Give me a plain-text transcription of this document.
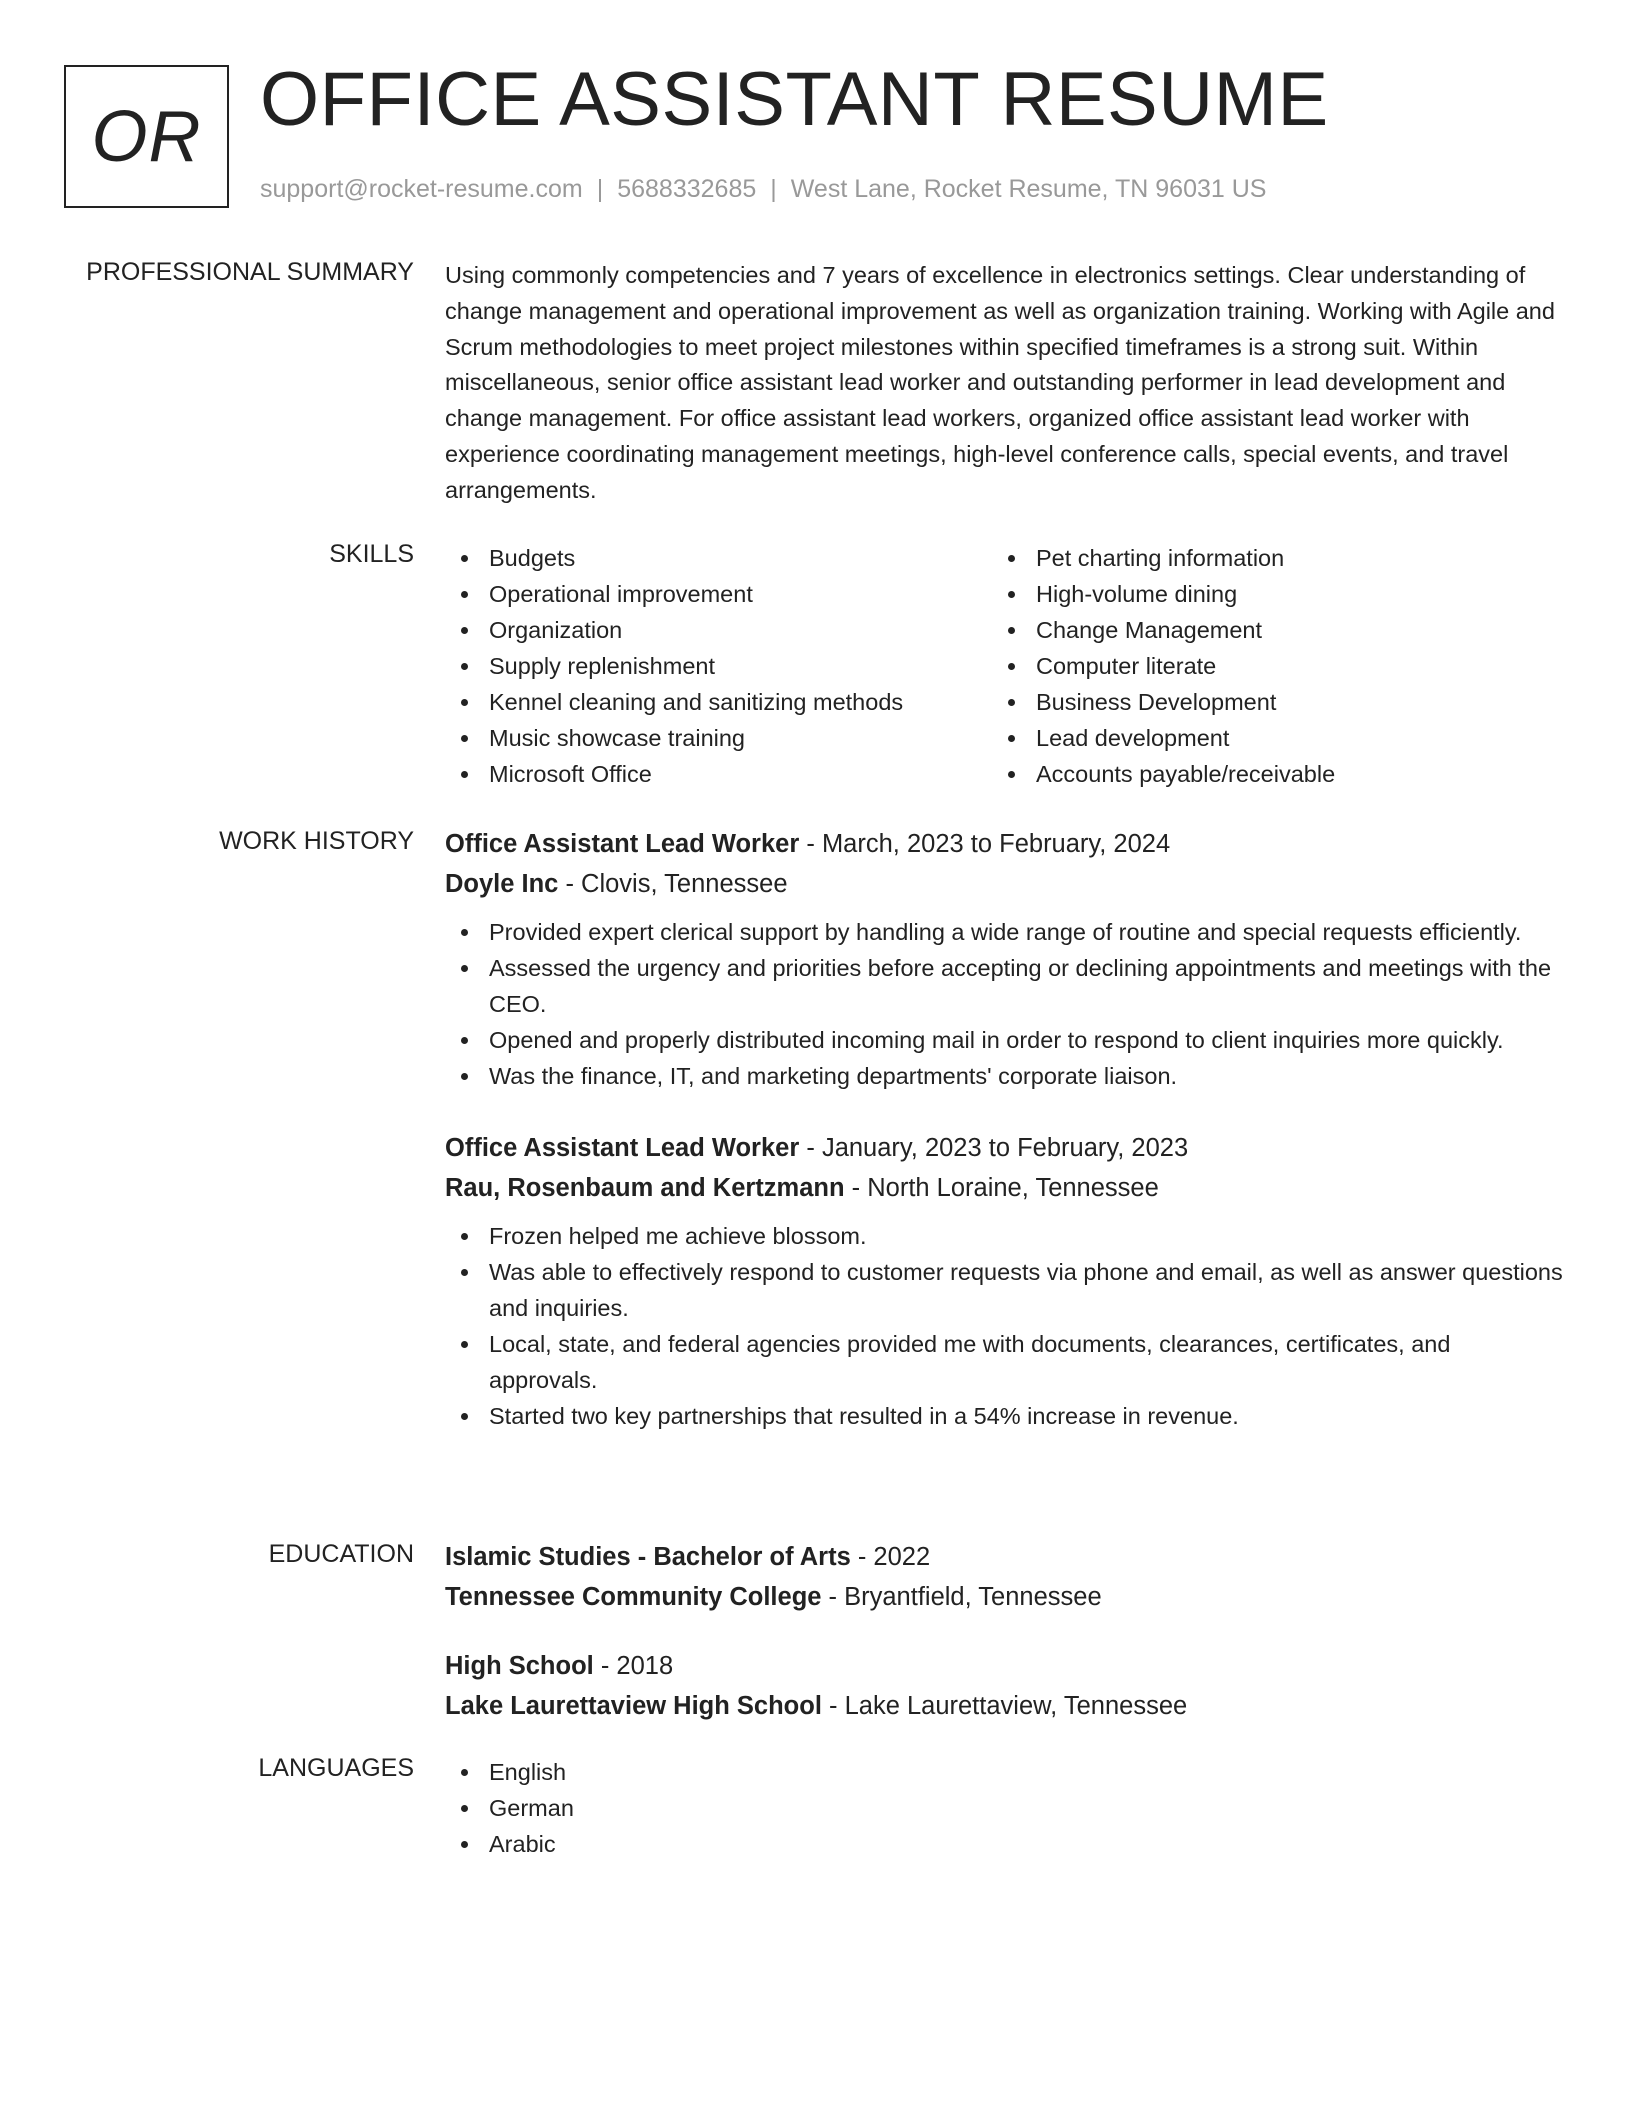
OR OFFICE ASSISTANT RESUME
support@rocket-resume.com | 5688332685 | West Lane, Rocket Resume, TN 96031 US
PROFESSIONAL SUMMARY Using commonly competencies and 7 years of excellence in electronics settings. Clear understanding of change management and operational improvement as well as organization training. Working with Agile and Scrum methodologies to meet project milestones within specified timeframes is a strong suit. Within miscellaneous, senior office assistant lead worker and outstanding performer in lead development and change management. For office assistant lead workers, organized office assistant lead worker with experience coordinating management meetings, high-level conference calls, special events, and travel arrangements.
SKILLS	Budgets
Operational improvement
Organization
Supply replenishment
Kennel cleaning and sanitizing methods
Music showcase training
Microsoft Office
Pet charting information
High-volume dining
Change Management
Computer literate
Business Development
Lead development
Accounts payable/receivable
WORK HISTORY Office Assistant Lead Worker - March, 2023 to February, 2024
Doyle Inc - Clovis, Tennessee
Provided expert clerical support by handling a wide range of routine and special requests efficiently.
Assessed the urgency and priorities before accepting or declining appointments and meetings with the CEO.
Opened and properly distributed incoming mail in order to respond to client inquiries more quickly.
Was the finance, IT, and marketing departments' corporate liaison.
Office Assistant Lead Worker - January, 2023 to February, 2023
Rau, Rosenbaum and Kertzmann - North Loraine, Tennessee
Frozen helped me achieve blossom.
Was able to effectively respond to customer requests via phone and email, as well as answer questions and inquiries.
Local, state, and federal agencies provided me with documents, clearances, certificates, and approvals.
Started two key partnerships that resulted in a 54% increase in revenue.
EDUCATION Islamic Studies - Bachelor of Arts - 2022
Tennessee Community College - Bryantfield, Tennessee
High School - 2018
Lake Laurettaview High School - Lake Laurettaview, Tennessee
LANGUAGES	English
German
Arabic
